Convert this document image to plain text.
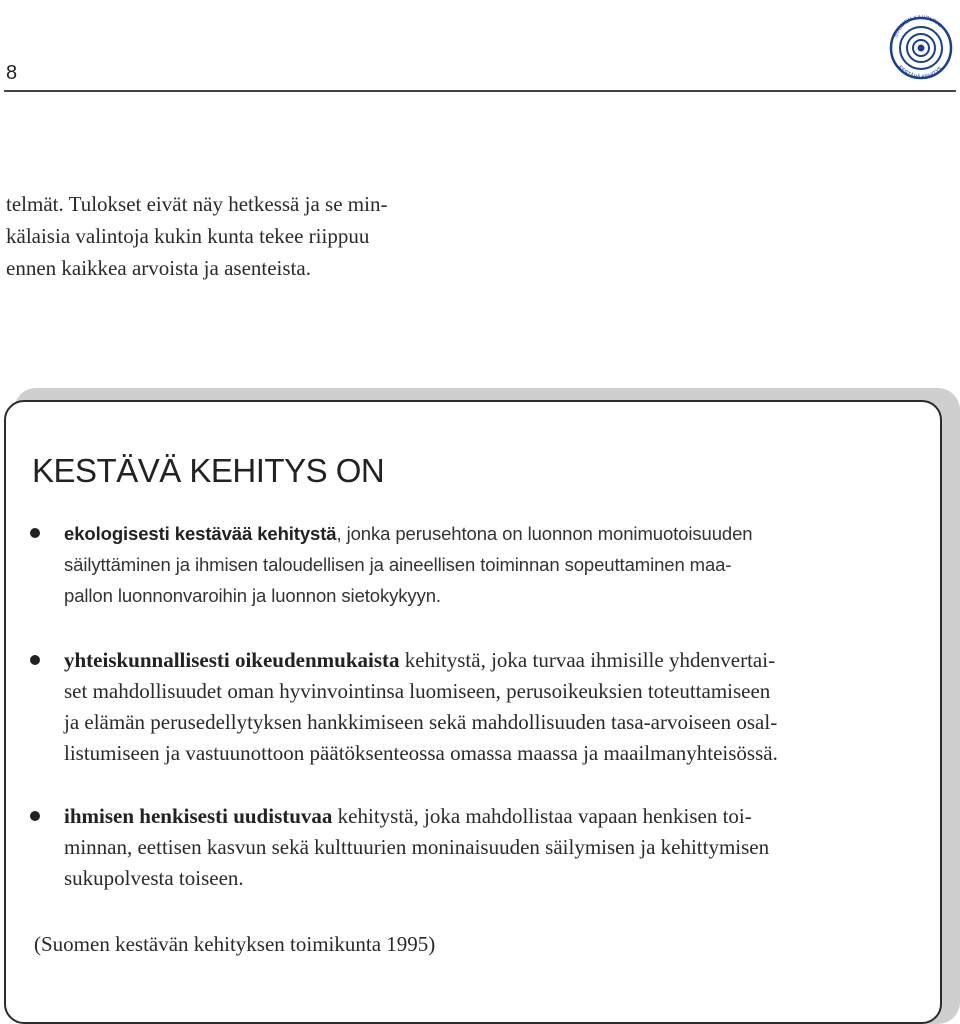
8
SUOMEN KAUPUNKI
KESTÄVÄ KEHITYS
telmät. Tulokset eivät näy hetkessä ja se min-
kälaisia valintoja kukin kunta tekee riippuu
ennen kaikkea arvoista ja asenteista.
KESTÄVÄ KEHITYS ON
ekologisesti kestävää kehitystä, jonka perusehtona on luonnon monimuotoisuuden
säilyttäminen ja ihmisen taloudellisen ja aineellisen toiminnan sopeuttaminen maa-
pallon luonnonvaroihin ja luonnon sietokykyyn.
yhteiskunnallisesti oikeudenmukaista kehitystä, joka turvaa ihmisille yhdenvertai-
set mahdollisuudet oman hyvinvointinsa luomiseen, perusoikeuksien toteuttamiseen
ja elämän perusedellytyksen hankkimiseen sekä mahdollisuuden tasa-arvoiseen osal-
listumiseen ja vastuunottoon päätöksenteossa omassa maassa ja maailmanyhteisössä.
ihmisen henkisesti uudistuvaa kehitystä, joka mahdollistaa vapaan henkisen toi-
minnan, eettisen kasvun sekä kulttuurien moninaisuuden säilymisen ja kehittymisen
sukupolvesta toiseen.
(Suomen kestävän kehityksen toimikunta 1995)
